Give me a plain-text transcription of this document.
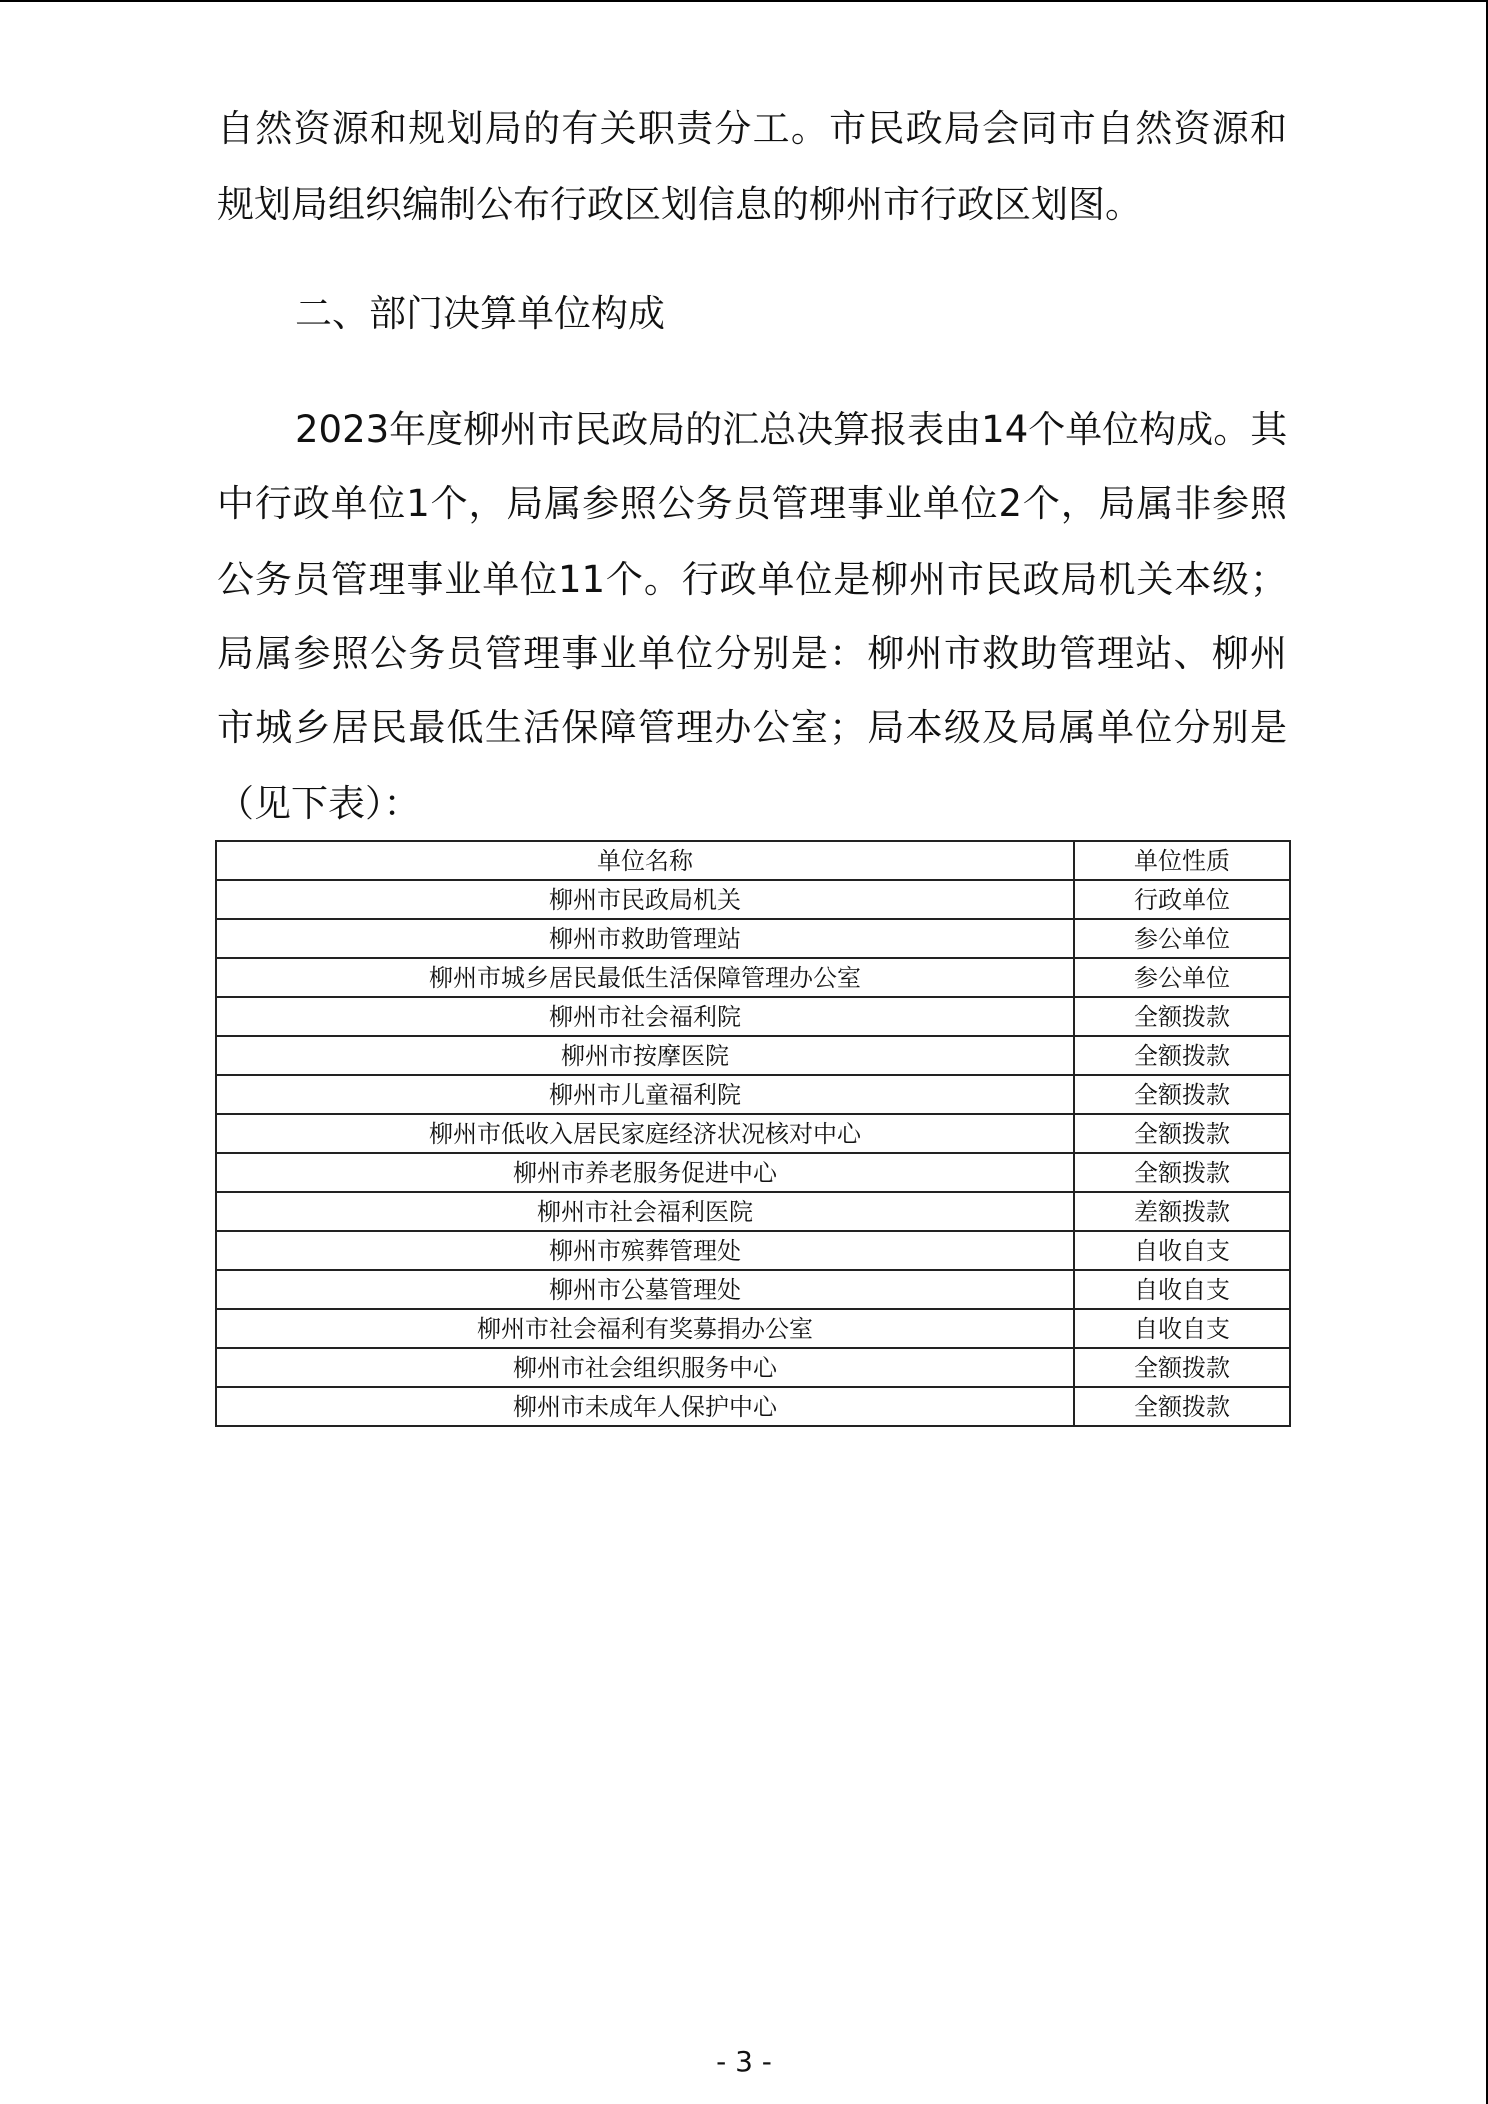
自然资源和规划局的有关职责分工。市民政局会同市自然资源和
规划局组织编制公布行政区划信息的柳州市行政区划图。
二、部门决算单位构成
2023年度柳州市民政局的汇总决算报表由14个单位构成。其
中行政单位1个，局属参照公务员管理事业单位2个，局属非参照
公务员管理事业单位11个。行政单位是柳州市民政局机关本级；
局属参照公务员管理事业单位分别是：柳州市救助管理站、柳州
市城乡居民最低生活保障管理办公室；局本级及局属单位分别是
（见下表）：
单位名称	单位性质
柳州市民政局机关	行政单位
柳州市救助管理站	参公单位
柳州市城乡居民最低生活保障管理办公室	参公单位
柳州市社会福利院	全额拨款
柳州市按摩医院	全额拨款
柳州市儿童福利院	全额拨款
柳州市低收入居民家庭经济状况核对中心	全额拨款
柳州市养老服务促进中心	全额拨款
柳州市社会福利医院	差额拨款
柳州市殡葬管理处	自收自支
柳州市公墓管理处	自收自支
柳州市社会福利有奖募捐办公室	自收自支
柳州市社会组织服务中心	全额拨款
柳州市未成年人保护中心	全额拨款
- 3 -
